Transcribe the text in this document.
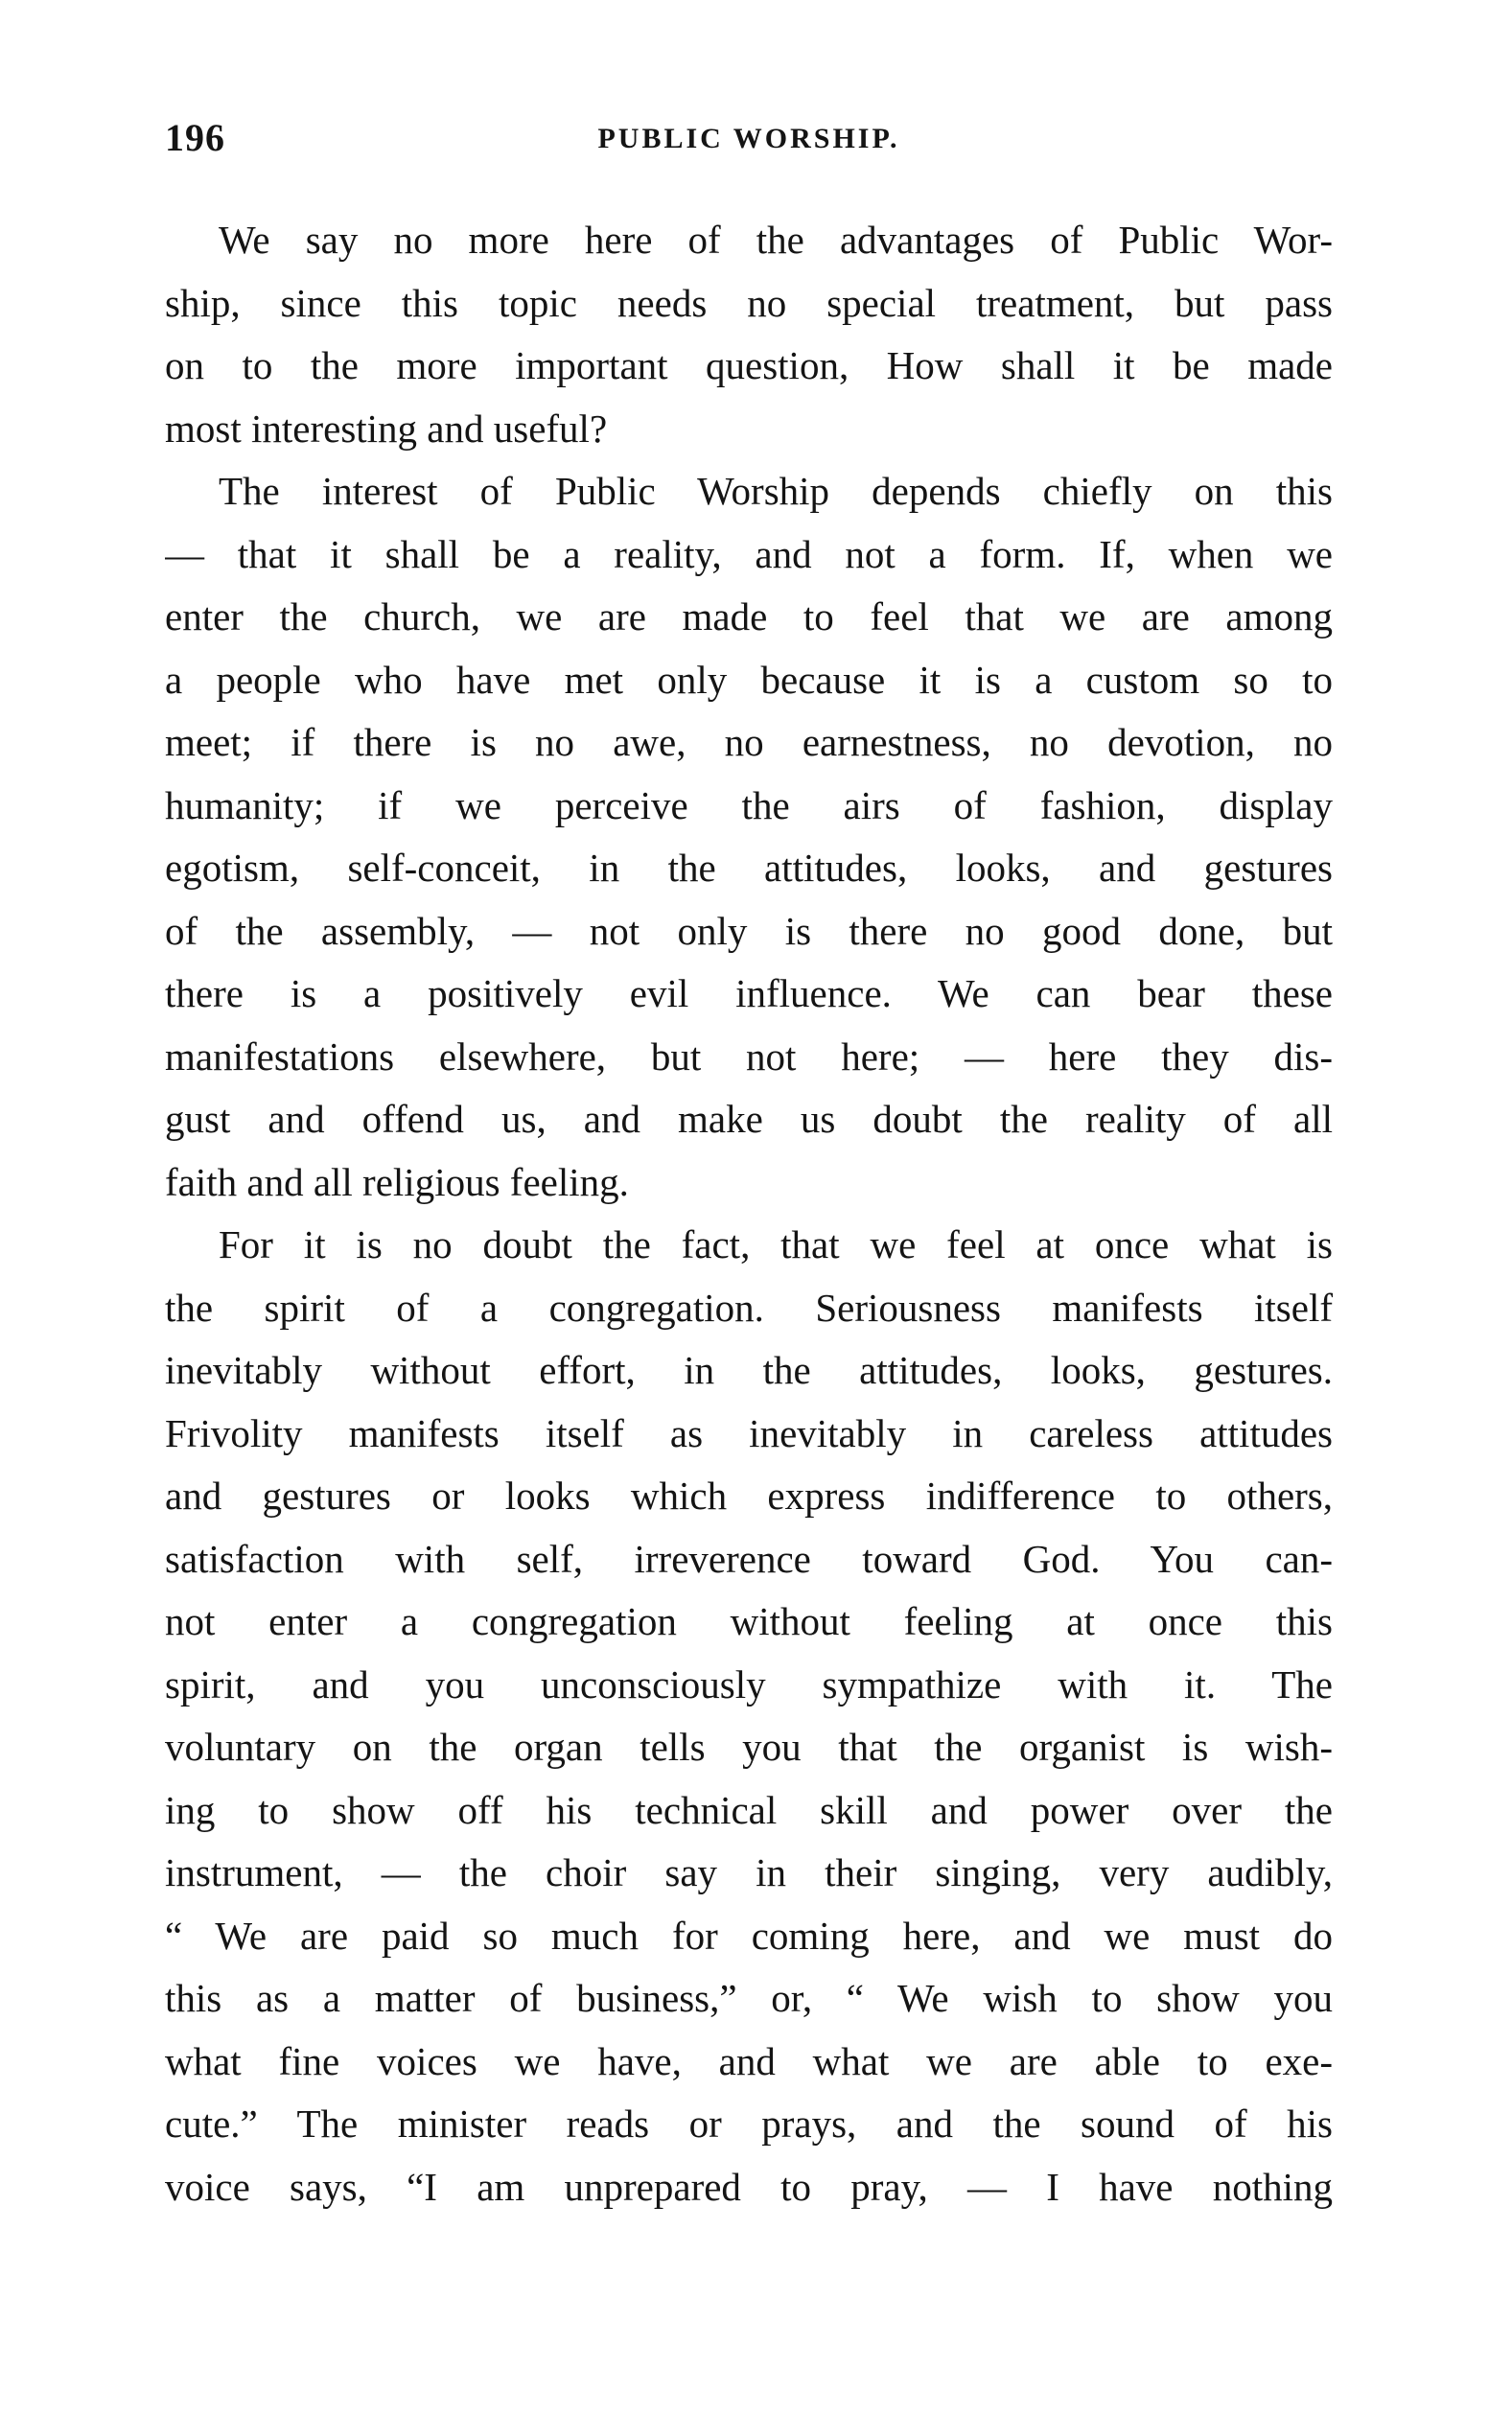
196	PUBLIC WORSHIP.
We say no more here of the advantages of Public Wor-
ship, since this topic needs no special treatment, but pass
on to the more important question, How shall it be made
most interesting and useful?
The interest of Public Worship depends chiefly on this
— that it shall be a reality, and not a form. If, when we
enter the church, we are made to feel that we are among
a people who have met only because it is a custom so to
meet; if there is no awe, no earnestness, no devotion, no
humanity; if we perceive the airs of fashion, display
egotism, self-conceit, in the attitudes, looks, and gestures
of the assembly, — not only is there no good done, but
there is a positively evil influence. We can bear these
manifestations elsewhere, but not here; — here they dis-
gust and offend us, and make us doubt the reality of all
faith and all religious feeling.
For it is no doubt the fact, that we feel at once what is
the spirit of a congregation. Seriousness manifests itself
inevitably without effort, in the attitudes, looks, gestures.
Frivolity manifests itself as inevitably in careless attitudes
and gestures or looks which express indifference to others,
satisfaction with self, irreverence toward God. You can-
not enter a congregation without feeling at once this
spirit, and you unconsciously sympathize with it. The
voluntary on the organ tells you that the organist is wish-
ing to show off his technical skill and power over the
instrument, — the choir say in their singing, very audibly,
“ We are paid so much for coming here, and we must do
this as a matter of business,” or, “ We wish to show you
what fine voices we have, and what we are able to exe-
cute.” The minister reads or prays, and the sound of his
voice says, “I am unprepared to pray, — I have nothing
